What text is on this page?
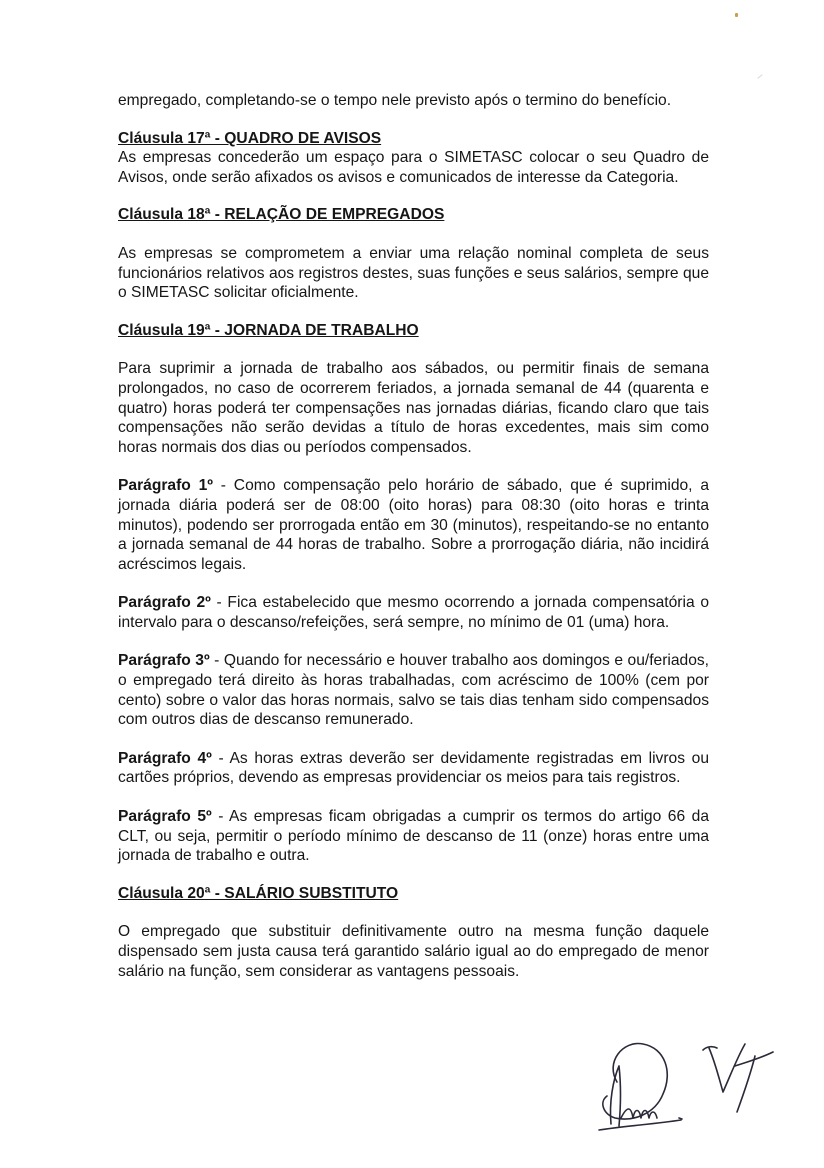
empregado, completando-se o tempo nele previsto após o termino do benefício.

Cláusula 17ª - QUADRO DE AVISOS

As empresas concederão um espaço para o SIMETASC colocar o seu Quadro de Avisos, onde serão afixados os avisos e comunicados de interesse da Categoria.

Cláusula 18ª - RELAÇÃO DE EMPREGADOS

As empresas se comprometem a enviar uma relação nominal completa de seus funcionários relativos aos registros destes, suas funções e seus salários, sempre que o SIMETASC solicitar oficialmente.

Cláusula 19ª - JORNADA DE TRABALHO

Para suprimir a jornada de trabalho aos sábados, ou permitir finais de semana prolongados, no caso de ocorrerem feriados, a jornada semanal de 44 (quarenta e quatro) horas poderá ter compensações nas jornadas diárias, ficando claro que tais compensações não serão devidas a título de horas excedentes, mais sim como horas normais dos dias ou períodos compensados.

Parágrafo 1º - Como compensação pelo horário de sábado, que é suprimido, a jornada diária poderá ser de 08:00 (oito horas) para 08:30 (oito horas e trinta minutos), podendo ser prorrogada então em 30 (minutos), respeitando-se no entanto a jornada semanal de 44 horas de trabalho. Sobre a prorrogação diária, não incidirá acréscimos legais.

Parágrafo 2º - Fica estabelecido que mesmo ocorrendo a jornada compensatória o intervalo para o descanso/refeições, será sempre, no mínimo de 01 (uma) hora.

Parágrafo 3º - Quando for necessário e houver trabalho aos domingos e ou/feriados, o empregado terá direito às horas trabalhadas, com acréscimo de 100% (cem por cento) sobre o valor das horas normais, salvo se tais dias tenham sido compensados com outros dias de descanso remunerado.

Parágrafo 4º - As horas extras deverão ser devidamente registradas em livros ou cartões próprios, devendo as empresas providenciar os meios para tais registros.

Parágrafo 5º - As empresas ficam obrigadas a cumprir os termos do artigo 66 da CLT, ou seja, permitir o período mínimo de descanso de 11 (onze) horas entre uma jornada de trabalho e outra.

Cláusula 20ª - SALÁRIO SUBSTITUTO

O empregado que substituir definitivamente outro na mesma função daquele dispensado sem justa causa terá garantido salário igual ao do empregado de menor salário na função, sem considerar as vantagens pessoais.
